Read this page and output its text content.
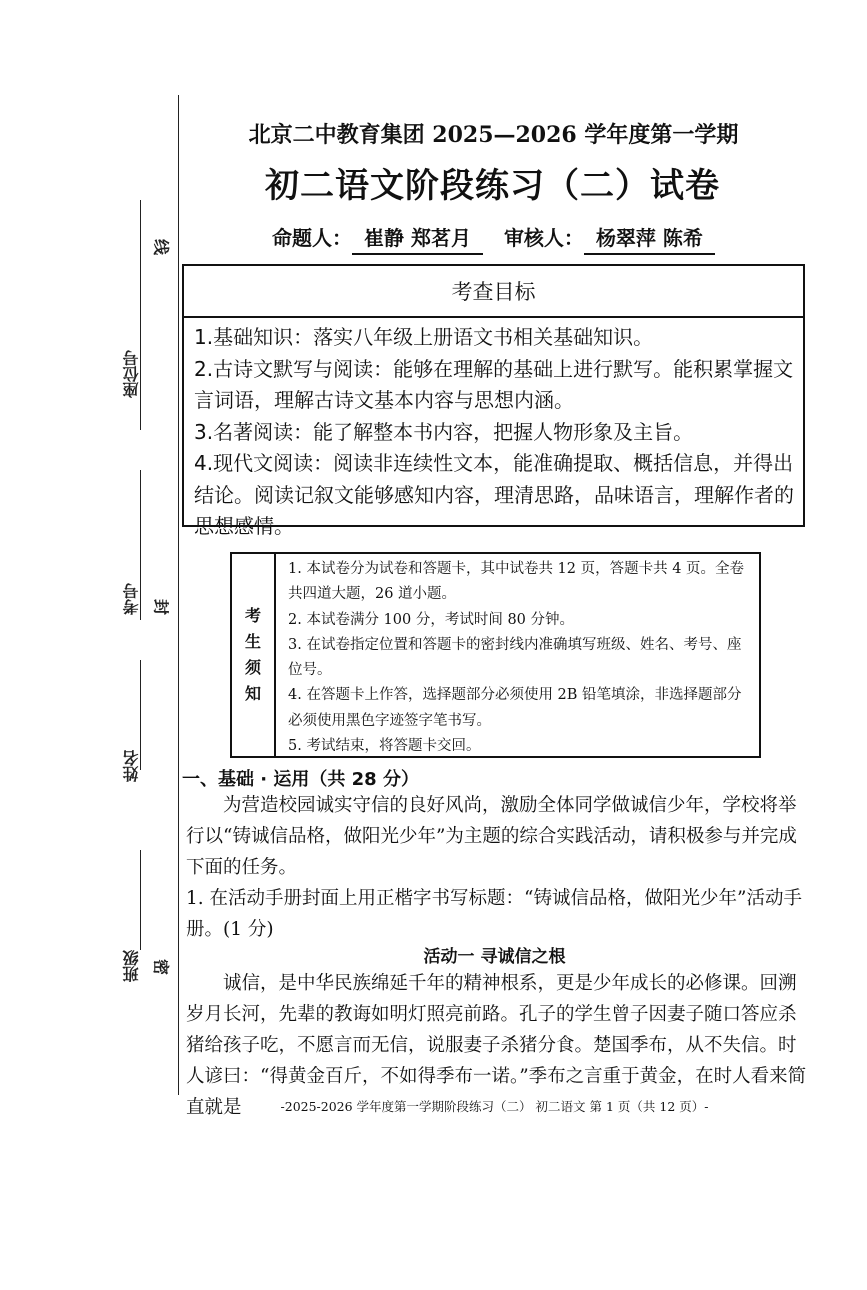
座位号
考号
姓名
班级
线
封
密
北京二中教育集团 2025—2026 学年度第一学期
初二语文阶段练习（二）试卷
命题人： 崔静 郑茗月 审核人： 杨翠萍 陈希
考查目标

1.基础知识：落实八年级上册语文书相关基础知识。

2.古诗文默写与阅读：能够在理解的基础上进行默写。能积累掌握文言词语，理解古诗文基本内容与思想内涵。

3.名著阅读：能了解整本书内容，把握人物形象及主旨。

4.现代文阅读：阅读非连续性文本，能准确提取、概括信息，并得出结论。阅读记叙文能够感知内容，理清思路，品味语言，理解作者的思想感情。

考
生
须
知

1. 本试卷分为试卷和答题卡，其中试卷共 12 页，答题卡共 4 页。全卷共四道大题，26 道小题。

2. 本试卷满分 100 分，考试时间 80 分钟。

3. 在试卷指定位置和答题卡的密封线内准确填写班级、姓名、考号、座位号。

4. 在答题卡上作答，选择题部分必须使用 2B 铅笔填涂，非选择题部分必须使用黑色字迹签字笔书写。

5. 考试结束，将答题卡交回。

一、基础 · 运用（共 28 分）

为营造校园诚实守信的良好风尚，激励全体同学做诚信少年，学校将举行以“铸诚信品格，做阳光少年”为主题的综合实践活动，请积极参与并完成下面的任务。

1. 在活动手册封面上用正楷字书写标题：“铸诚信品格，做阳光少年”活动手册。(1 分)

活动一 寻诚信之根

诚信，是中华民族绵延千年的精神根系，更是少年成长的必修课。回溯岁月长河，先辈的教诲如明灯照亮前路。孔子的学生曾子因妻子随口答应杀猪给孩子吃，不愿言而无信，说服妻子杀猪分食。楚国季布，从不失信。时人谚曰：“得黄金百斤，不如得季布一诺。”季布之言重于黄金，在时人看来简直就是	-2025-2026 学年度第一学期阶段练习（二） 初二语文 第 1 页（共 12 页）-
